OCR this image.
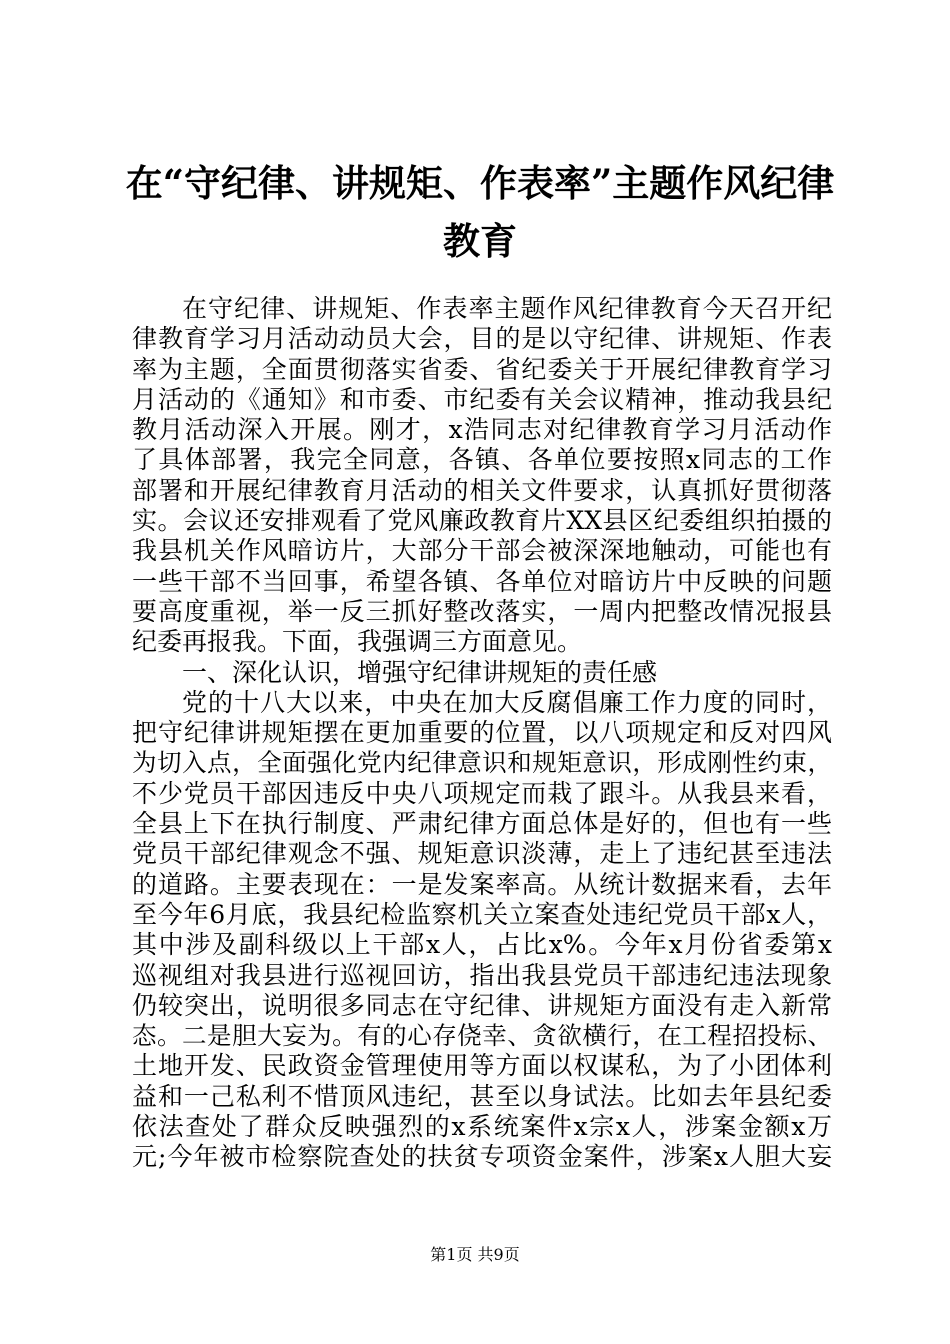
在“守纪律、讲规矩、作表率”主题作风纪律
教育
在守纪律、讲规矩、作表率主题作风纪律教育今天召开纪
律教育学习月活动动员大会，目的是以守纪律、讲规矩、作表
率为主题，全面贯彻落实省委、省纪委关于开展纪律教育学习
月活动的《通知》和市委、市纪委有关会议精神，推动我县纪
教月活动深入开展。刚才，x浩同志对纪律教育学习月活动作
了具体部署，我完全同意，各镇、各单位要按照x同志的工作
部署和开展纪律教育月活动的相关文件要求，认真抓好贯彻落
实。会议还安排观看了党风廉政教育片XX县区纪委组织拍摄的
我县机关作风暗访片，大部分干部会被深深地触动，可能也有
一些干部不当回事，希望各镇、各单位对暗访片中反映的问题
要高度重视，举一反三抓好整改落实，一周内把整改情况报县
纪委再报我。下面，我强调三方面意见。
一、深化认识，增强守纪律讲规矩的责任感
党的十八大以来，中央在加大反腐倡廉工作力度的同时，
把守纪律讲规矩摆在更加重要的位置，以八项规定和反对四风
为切入点，全面强化党内纪律意识和规矩意识，形成刚性约束，
不少党员干部因违反中央八项规定而栽了跟斗。从我县来看，
全县上下在执行制度、严肃纪律方面总体是好的，但也有一些
党员干部纪律观念不强、规矩意识淡薄，走上了违纪甚至违法
的道路。主要表现在：一是发案率高。从统计数据来看，去年
至今年6月底，我县纪检监察机关立案查处违纪党员干部x人，
其中涉及副科级以上干部x人，占比x%。今年x月份省委第x
巡视组对我县进行巡视回访，指出我县党员干部违纪违法现象
仍较突出，说明很多同志在守纪律、讲规矩方面没有走入新常
态。二是胆大妄为。有的心存侥幸、贪欲横行，在工程招投标、
土地开发、民政资金管理使用等方面以权谋私，为了小团体利
益和一己私利不惜顶风违纪，甚至以身试法。比如去年县纪委
依法查处了群众反映强烈的x系统案件x宗x人，涉案金额x万
元;今年被市检察院查处的扶贫专项资金案件，涉案x人胆大妄
第1页 共9页
